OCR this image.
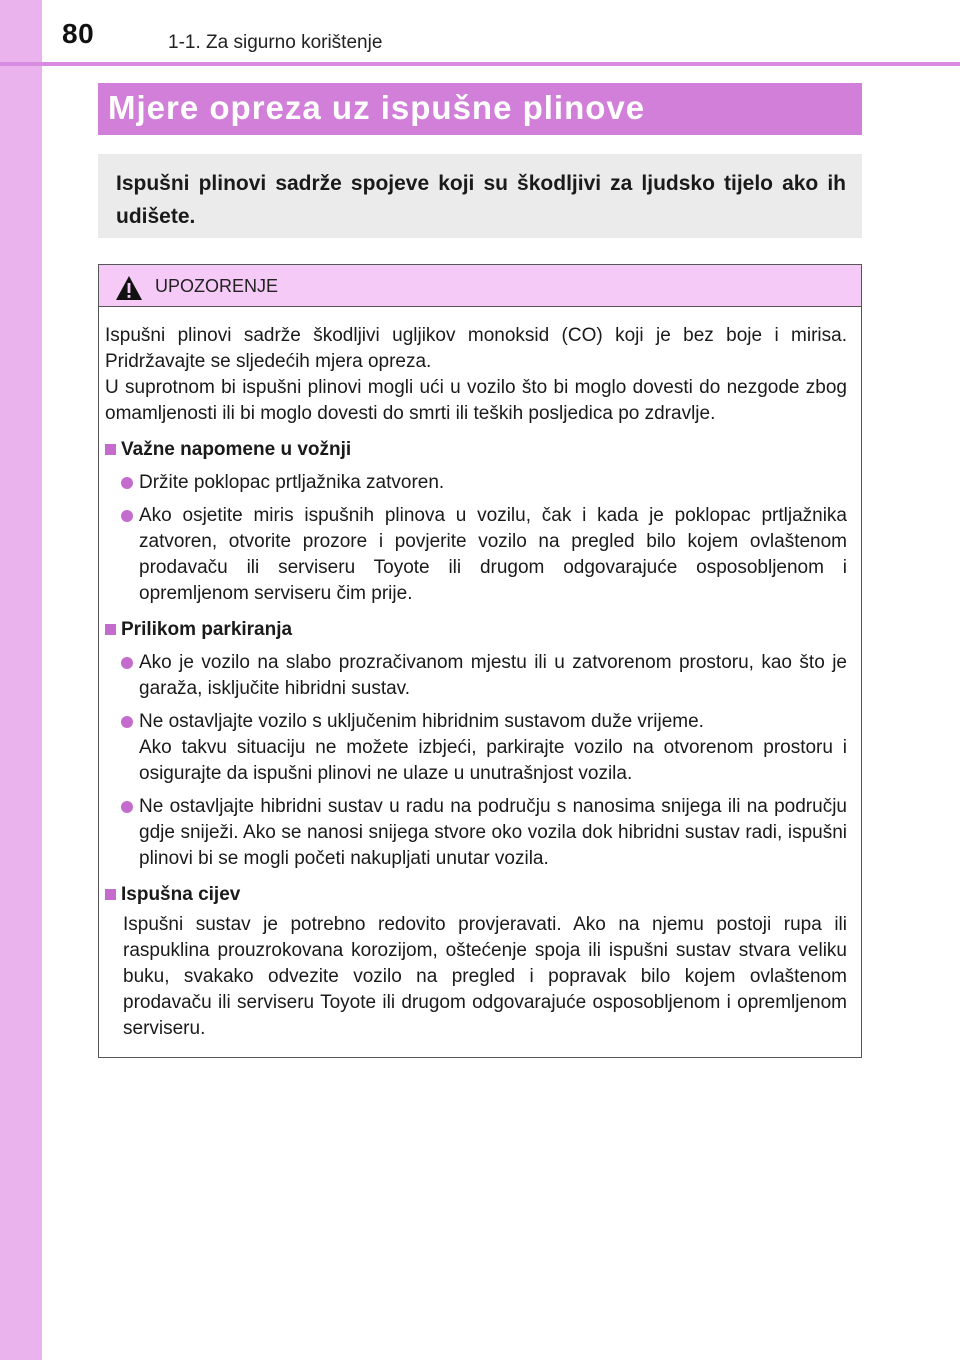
80	1-1. Za sigurno korištenje
Mjere opreza uz ispušne plinove

Ispušni plinovi sadrže spojeve koji su škodljivi za ljudsko tijelo ako ih udišete.

UPOZORENJE

Ispušni plinovi sadrže škodljivi ugljikov monoksid (CO) koji je bez boje i mirisa. Pridržavajte se sljedećih mjera opreza.

U suprotnom bi ispušni plinovi mogli ući u vozilo što bi moglo dovesti do nezgode zbog omamljenosti ili bi moglo dovesti do smrti ili teških posljedica po zdravlje.

Važne napomene u vožnji
Držite poklopac prtljažnika zatvoren.
Ako osjetite miris ispušnih plinova u vozilu, čak i kada je poklopac prtljažnika zatvoren, otvorite prozore i povjerite vozilo na pregled bilo kojem ovlaštenom prodavaču ili serviseru Toyote ili drugom odgovarajuće osposobljenom i opremljenom serviseru čim prije.
Prilikom parkiranja
Ako je vozilo na slabo prozračivanom mjestu ili u zatvorenom prostoru, kao što je garaža, isključite hibridni sustav.
Ne ostavljajte vozilo s uključenim hibridnim sustavom duže vrijeme.
Ako takvu situaciju ne možete izbjeći, parkirajte vozilo na otvorenom prostoru i osigurajte da ispušni plinovi ne ulaze u unutrašnjost vozila.
Ne ostavljajte hibridni sustav u radu na području s nanosima snijega ili na području gdje sniježi. Ako se nanosi snijega stvore oko vozila dok hibridni sustav radi, ispušni plinovi bi se mogli početi nakupljati unutar vozila.
Ispušna cijev

Ispušni sustav je potrebno redovito provjeravati. Ako na njemu postoji rupa ili raspuklina prouzrokovana korozijom, oštećenje spoja ili ispušni sustav stvara veliku buku, svakako odvezite vozilo na pregled i popravak bilo kojem ovlaštenom prodavaču ili serviseru Toyote ili drugom odgovarajuće osposobljenom i opremljenom serviseru.
